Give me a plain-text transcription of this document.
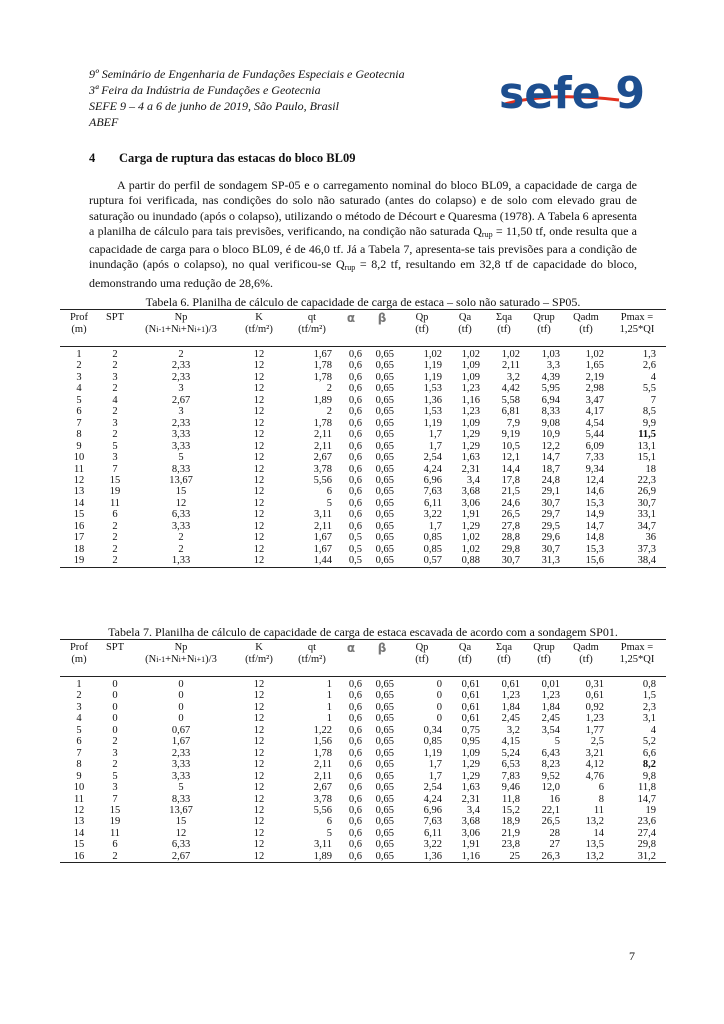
9º Seminário de Engenharia de Fundações Especiais e Geotecnia
3ª Feira da Indústria de Fundações e Geotecnia
SEFE 9 – 4 a 6 de junho de 2019, São Paulo, Brasil
ABEF
sefe 9
4 Carga de ruptura das estacas do bloco BL09
A partir do perfil de sondagem SP-05 e o carregamento nominal do bloco BL09, a capacidade de carga de ruptura foi verificada, nas condições do solo não saturado (antes do colapso) e de solo com elevado grau de saturação ou inundado (após o colapso), utilizando o método de Décourt e Quaresma (1978). A Tabela 6 apresenta a planilha de cálculo para tais previsões, verificando, na condição não saturada $Q_{rup} = 11,50$ tf, onde resulta que a capacidade de carga para o bloco BL09, é de 46,0 tf. Já a Tabela 7, apresenta-se tais previsões para a condição de inundação (após o colapso), no qual verificou-se $Q_{rup} = 8,2$ tf, resultando em 32,8 tf de capacidade do bloco, demonstrando uma redução de 28,6%.
Tabela 6. Planilha de cálculo de capacidade de carga de estaca – solo não saturado – SP05.
Prof	SPT	Np	K	qt	α	β	Qp	Qa	Σqa	Qrup	Qadm	Pmax =
(m)		(Ni-1+Ni+Ni+1)/3	(tf/m²)	(tf/m²)			(tf)	(tf)	(tf)	(tf)	(tf)	1,25*QI
1	2	2	12	1,67	0,6	0,65	1,02	1,02	1,02	1,03	1,02	1,3
2	2	2,33	12	1,78	0,6	0,65	1,19	1,09	2,11	3,3	1,65	2,6
3	3	2,33	12	1,78	0,6	0,65	1,19	1,09	3,2	4,39	2,19	4
4	2	3	12	2	0,6	0,65	1,53	1,23	4,42	5,95	2,98	5,5
5	4	2,67	12	1,89	0,6	0,65	1,36	1,16	5,58	6,94	3,47	7
6	2	3	12	2	0,6	0,65	1,53	1,23	6,81	8,33	4,17	8,5
7	3	2,33	12	1,78	0,6	0,65	1,19	1,09	7,9	9,08	4,54	9,9
8	2	3,33	12	2,11	0,6	0,65	1,7	1,29	9,19	10,9	5,44	11,5
9	5	3,33	12	2,11	0,6	0,65	1,7	1,29	10,5	12,2	6,09	13,1
10	3	5	12	2,67	0,6	0,65	2,54	1,63	12,1	14,7	7,33	15,1
11	7	8,33	12	3,78	0,6	0,65	4,24	2,31	14,4	18,7	9,34	18
12	15	13,67	12	5,56	0,6	0,65	6,96	3,4	17,8	24,8	12,4	22,3
13	19	15	12	6	0,6	0,65	7,63	3,68	21,5	29,1	14,6	26,9
14	11	12	12	5	0,6	0,65	6,11	3,06	24,6	30,7	15,3	30,7
15	6	6,33	12	3,11	0,6	0,65	3,22	1,91	26,5	29,7	14,9	33,1
16	2	3,33	12	2,11	0,6	0,65	1,7	1,29	27,8	29,5	14,7	34,7
17	2	2	12	1,67	0,5	0,65	0,85	1,02	28,8	29,6	14,8	36
18	2	2	12	1,67	0,5	0,65	0,85	1,02	29,8	30,7	15,3	37,3
19	2	1,33	12	1,44	0,5	0,65	0,57	0,88	30,7	31,3	15,6	38,4
Tabela 7. Planilha de cálculo de capacidade de carga de estaca escavada de acordo com a sondagem SP01.
Prof	SPT	Np	K	qt	α	β	Qp	Qa	Σqa	Qrup	Qadm	Pmax =
(m)		(Ni-1+Ni+Ni+1)/3	(tf/m²)	(tf/m²)			(tf)	(tf)	(tf)	(tf)	(tf)	1,25*QI
1	0	0	12	1	0,6	0,65	0	0,61	0,61	0,01	0,31	0,8
2	0	0	12	1	0,6	0,65	0	0,61	1,23	1,23	0,61	1,5
3	0	0	12	1	0,6	0,65	0	0,61	1,84	1,84	0,92	2,3
4	0	0	12	1	0,6	0,65	0	0,61	2,45	2,45	1,23	3,1
5	0	0,67	12	1,22	0,6	0,65	0,34	0,75	3,2	3,54	1,77	4
6	2	1,67	12	1,56	0,6	0,65	0,85	0,95	4,15	5	2,5	5,2
7	3	2,33	12	1,78	0,6	0,65	1,19	1,09	5,24	6,43	3,21	6,6
8	2	3,33	12	2,11	0,6	0,65	1,7	1,29	6,53	8,23	4,12	8,2
9	5	3,33	12	2,11	0,6	0,65	1,7	1,29	7,83	9,52	4,76	9,8
10	3	5	12	2,67	0,6	0,65	2,54	1,63	9,46	12,0	6	11,8
11	7	8,33	12	3,78	0,6	0,65	4,24	2,31	11,8	16	8	14,7
12	15	13,67	12	5,56	0,6	0,65	6,96	3,4	15,2	22,1	11	19
13	19	15	12	6	0,6	0,65	7,63	3,68	18,9	26,5	13,2	23,6
14	11	12	12	5	0,6	0,65	6,11	3,06	21,9	28	14	27,4
15	6	6,33	12	3,11	0,6	0,65	3,22	1,91	23,8	27	13,5	29,8
16	2	2,67	12	1,89	0,6	0,65	1,36	1,16	25	26,3	13,2	31,2
7
